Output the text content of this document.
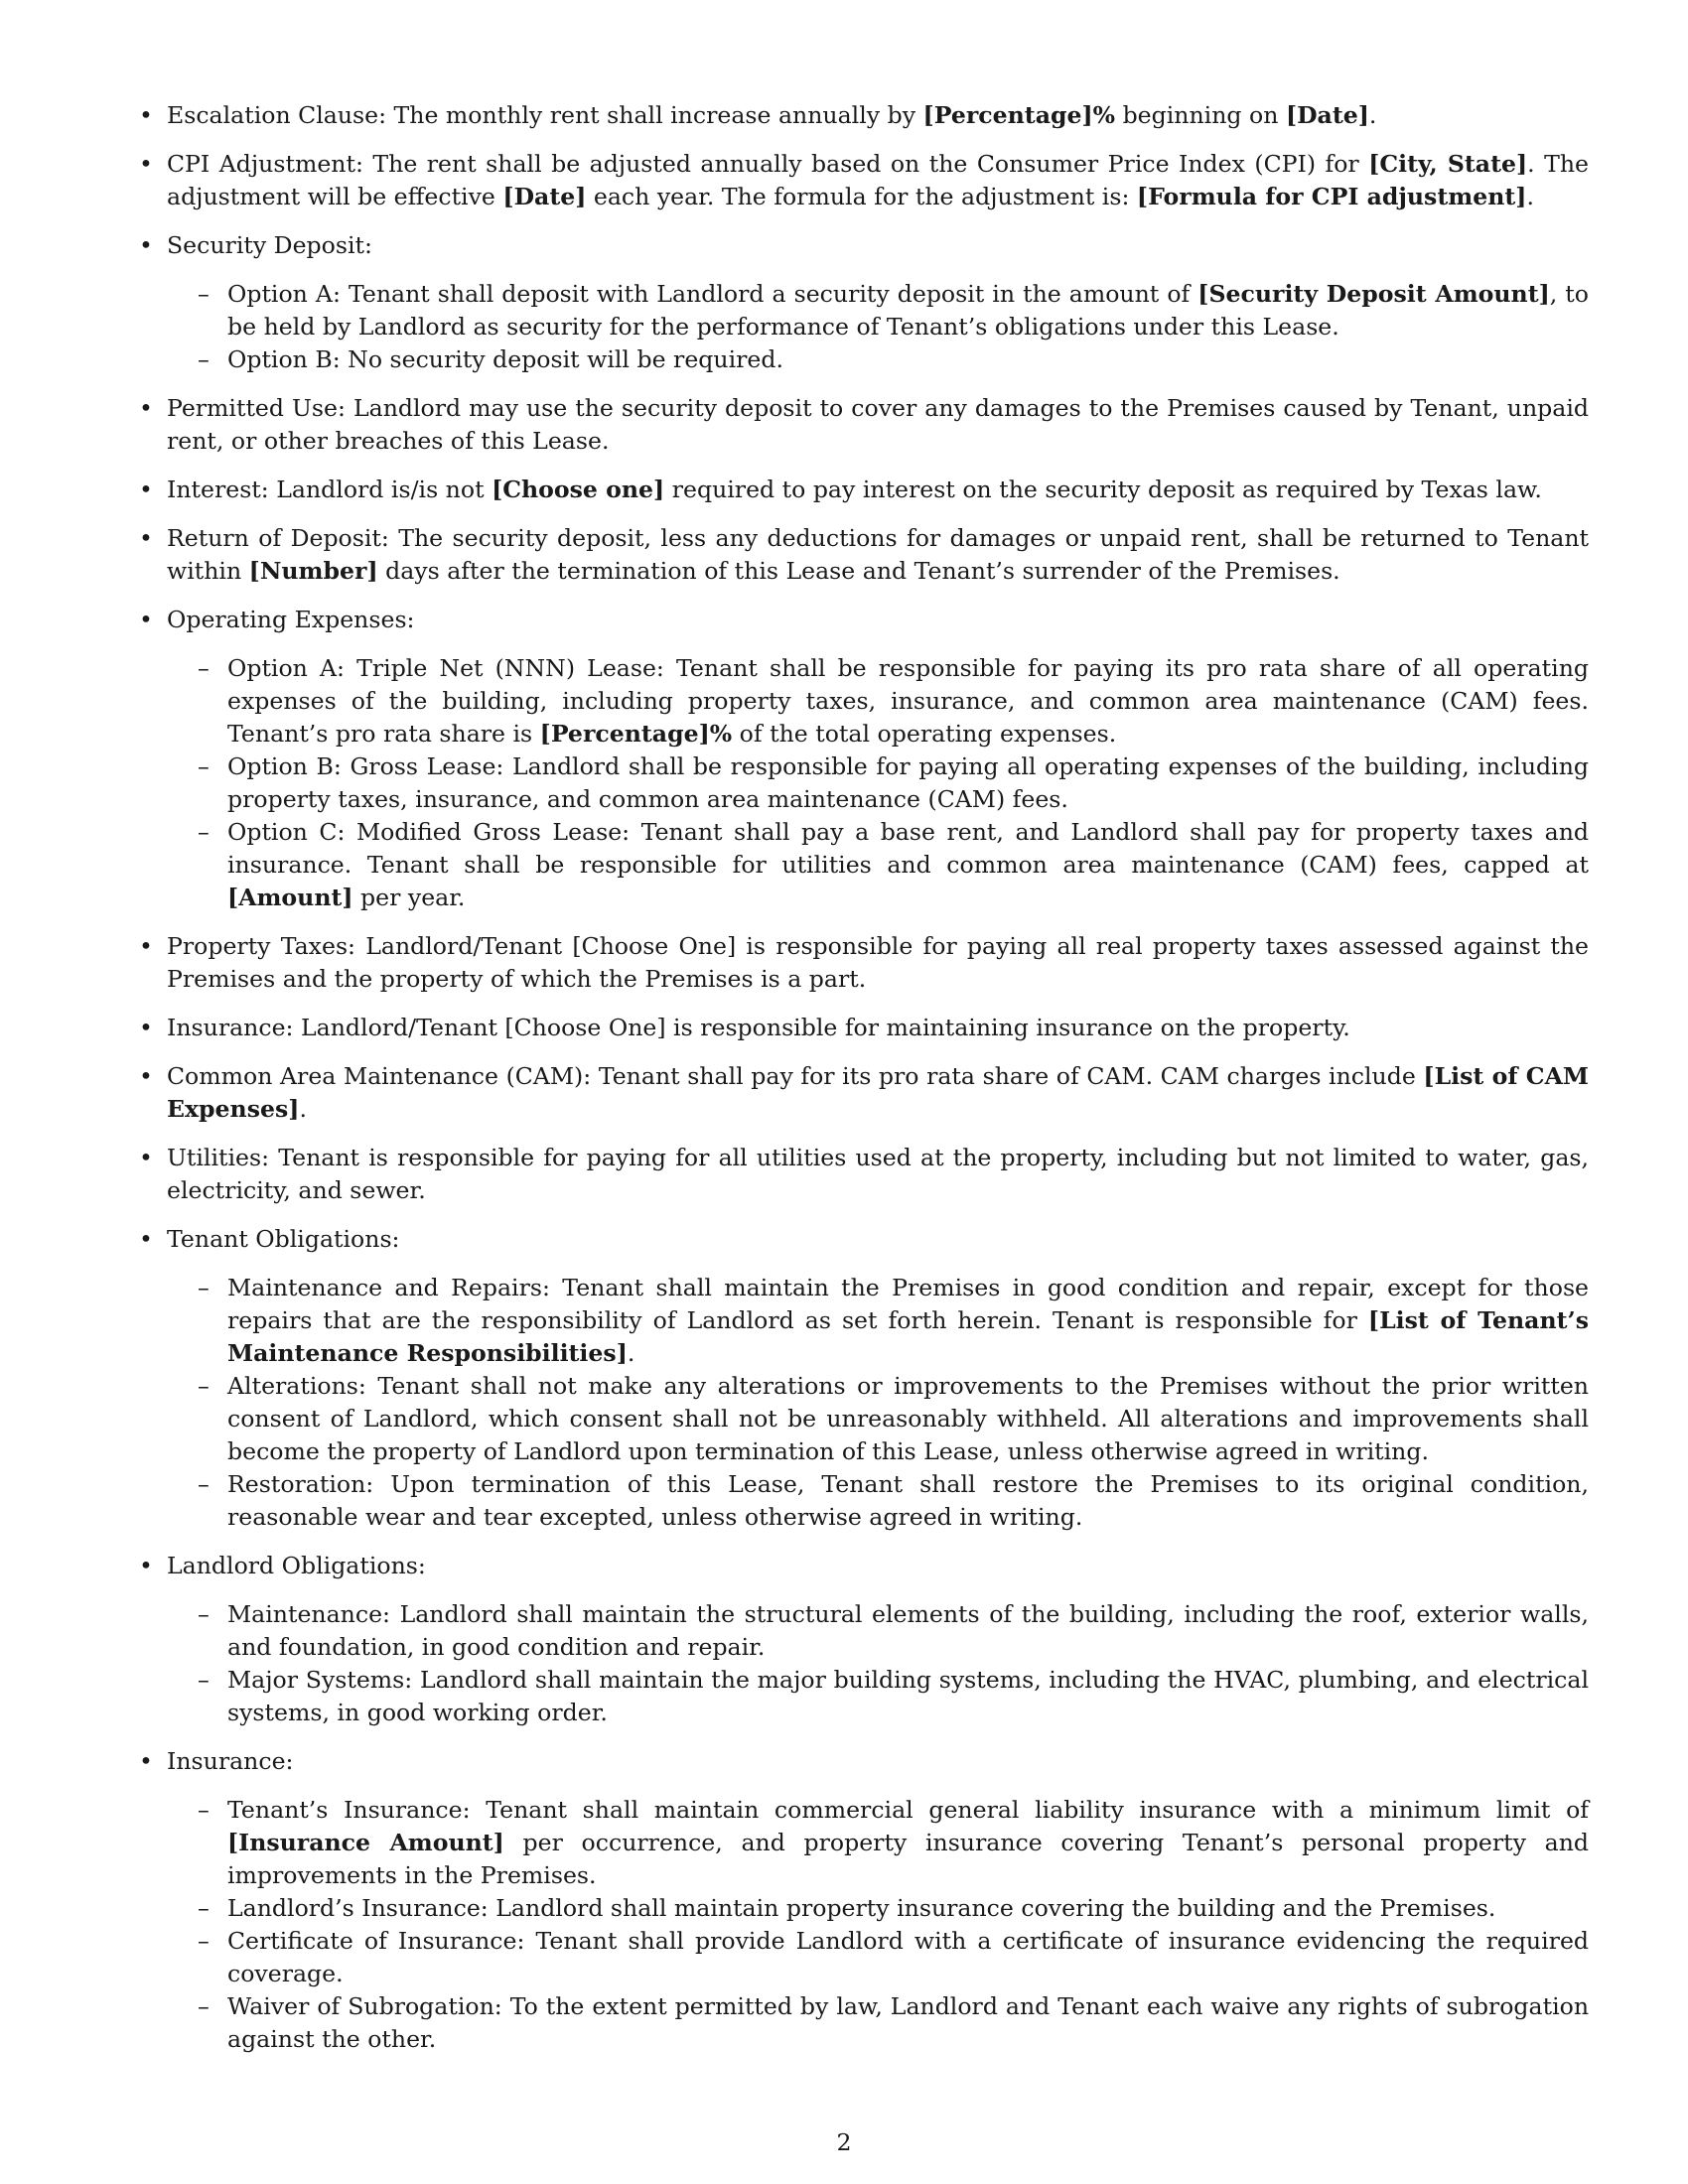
• Escalation Clause: The monthly rent shall increase annually by [Percentage]% beginning on [Date].
• CPI Adjustment: The rent shall be adjusted annually based on the Consumer Price Index (CPI) for [City, State]. The adjustment will be effective [Date] each year. The formula for the adjustment is: [Formula for CPI adjustment].
• Security Deposit:
– Option A: Tenant shall deposit with Landlord a security deposit in the amount of [Security Deposit Amount], to be held by Landlord as security for the performance of Tenant’s obligations under this Lease.
– Option B: No security deposit will be required.
• Permitted Use: Landlord may use the security deposit to cover any damages to the Premises caused by Tenant, unpaid rent, or other breaches of this Lease.
• Interest: Landlord is/is not [Choose one] required to pay interest on the security deposit as required by Texas law.
• Return of Deposit: The security deposit, less any deductions for damages or unpaid rent, shall be returned to Tenant within [Number] days after the termination of this Lease and Tenant’s surrender of the Premises.
• Operating Expenses:
– Option A: Triple Net (NNN) Lease: Tenant shall be responsible for paying its pro rata share of all operating expenses of the building, including property taxes, insurance, and common area maintenance (CAM) fees. Tenant’s pro rata share is [Percentage]% of the total operating expenses.
– Option B: Gross Lease: Landlord shall be responsible for paying all operating expenses of the building, including property taxes, insurance, and common area maintenance (CAM) fees.
– Option C: Modified Gross Lease: Tenant shall pay a base rent, and Landlord shall pay for property taxes and insurance. Tenant shall be responsible for utilities and common area maintenance (CAM) fees, capped at [Amount] per year.
• Property Taxes: Landlord/Tenant [Choose One] is responsible for paying all real property taxes assessed against the Premises and the property of which the Premises is a part.
• Insurance: Landlord/Tenant [Choose One] is responsible for maintaining insurance on the property.
• Common Area Maintenance (CAM): Tenant shall pay for its pro rata share of CAM. CAM charges include [List of CAM Expenses].
• Utilities: Tenant is responsible for paying for all utilities used at the property, including but not limited to water, gas, electricity, and sewer.
• Tenant Obligations:
– Maintenance and Repairs: Tenant shall maintain the Premises in good condition and repair, except for those repairs that are the responsibility of Landlord as set forth herein. Tenant is responsible for [List of Tenant’s Maintenance Responsibilities].
– Alterations: Tenant shall not make any alterations or improvements to the Premises without the prior written consent of Landlord, which consent shall not be unreasonably withheld. All alterations and improvements shall become the property of Landlord upon termination of this Lease, unless otherwise agreed in writing.
– Restoration: Upon termination of this Lease, Tenant shall restore the Premises to its original condition, reasonable wear and tear excepted, unless otherwise agreed in writing.
• Landlord Obligations:
– Maintenance: Landlord shall maintain the structural elements of the building, including the roof, exterior walls, and foundation, in good condition and repair.
– Major Systems: Landlord shall maintain the major building systems, including the HVAC, plumbing, and electrical systems, in good working order.
• Insurance:
– Tenant’s Insurance: Tenant shall maintain commercial general liability insurance with a minimum limit of [Insurance Amount] per occurrence, and property insurance covering Tenant’s personal property and improvements in the Premises.
– Landlord’s Insurance: Landlord shall maintain property insurance covering the building and the Premises.
– Certificate of Insurance: Tenant shall provide Landlord with a certificate of insurance evidencing the required coverage.
– Waiver of Subrogation: To the extent permitted by law, Landlord and Tenant each waive any rights of subrogation against the other.
2
